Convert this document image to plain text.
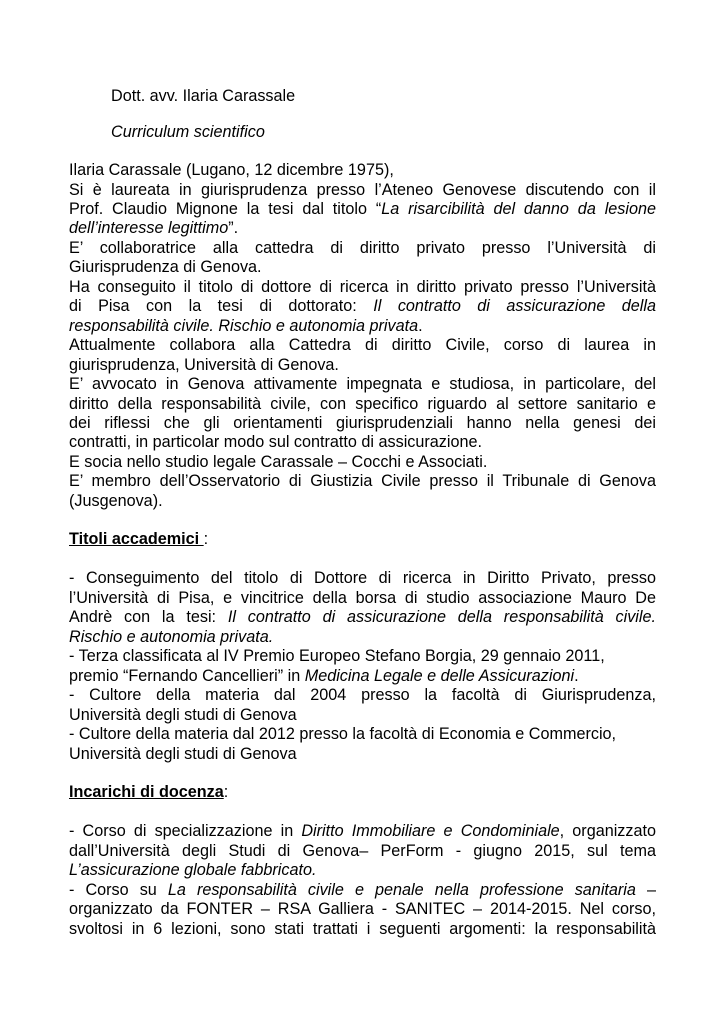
Dott. avv. Ilaria Carassale
Curriculum scientifico
Ilaria Carassale (Lugano, 12 dicembre 1975),
Si è laureata in giurisprudenza presso l’Ateneo Genovese discutendo con il
Prof. Claudio Mignone la tesi dal titolo “La risarcibilità del danno da lesione
dell’interesse legittimo”.
E’ collaboratrice alla cattedra di diritto privato presso l’Università di
Giurisprudenza di Genova.
Ha conseguito il titolo di dottore di ricerca in diritto privato presso l’Università
di Pisa con la tesi di dottorato: Il contratto di assicurazione della
responsabilità civile. Rischio e autonomia privata.
Attualmente collabora alla Cattedra di diritto Civile, corso di laurea in
giurisprudenza, Università di Genova.
E’ avvocato in Genova attivamente impegnata e studiosa, in particolare, del
diritto della responsabilità civile, con specifico riguardo al settore sanitario e
dei riflessi che gli orientamenti giurisprudenziali hanno nella genesi dei
contratti, in particolar modo sul contratto di assicurazione.
E socia nello studio legale Carassale – Cocchi e Associati.
E’ membro dell’Osservatorio di Giustizia Civile presso il Tribunale di Genova
(Jusgenova).
Titoli accademici :
- Conseguimento del titolo di Dottore di ricerca in Diritto Privato, presso
l’Università di Pisa, e vincitrice della borsa di studio associazione Mauro De
Andrè con la tesi: Il contratto di assicurazione della responsabilità civile.
Rischio e autonomia privata.
- Terza classificata al IV Premio Europeo Stefano Borgia, 29 gennaio 2011,
premio “Fernando Cancellieri” in Medicina Legale e delle Assicurazioni.
- Cultore della materia dal 2004 presso la facoltà di Giurisprudenza,
Università degli studi di Genova
- Cultore della materia dal 2012 presso la facoltà di Economia e Commercio,
Università degli studi di Genova
Incarichi di docenza:
- Corso di specializzazione in Diritto Immobiliare e Condominiale, organizzato
dall’Università degli Studi di Genova– PerForm - giugno 2015, sul tema
L’assicurazione globale fabbricato.
- Corso su La responsabilità civile e penale nella professione sanitaria –
organizzato da FONTER – RSA Galliera - SANITEC – 2014-2015. Nel corso,
svoltosi in 6 lezioni, sono stati trattati i seguenti argomenti: la responsabilità
